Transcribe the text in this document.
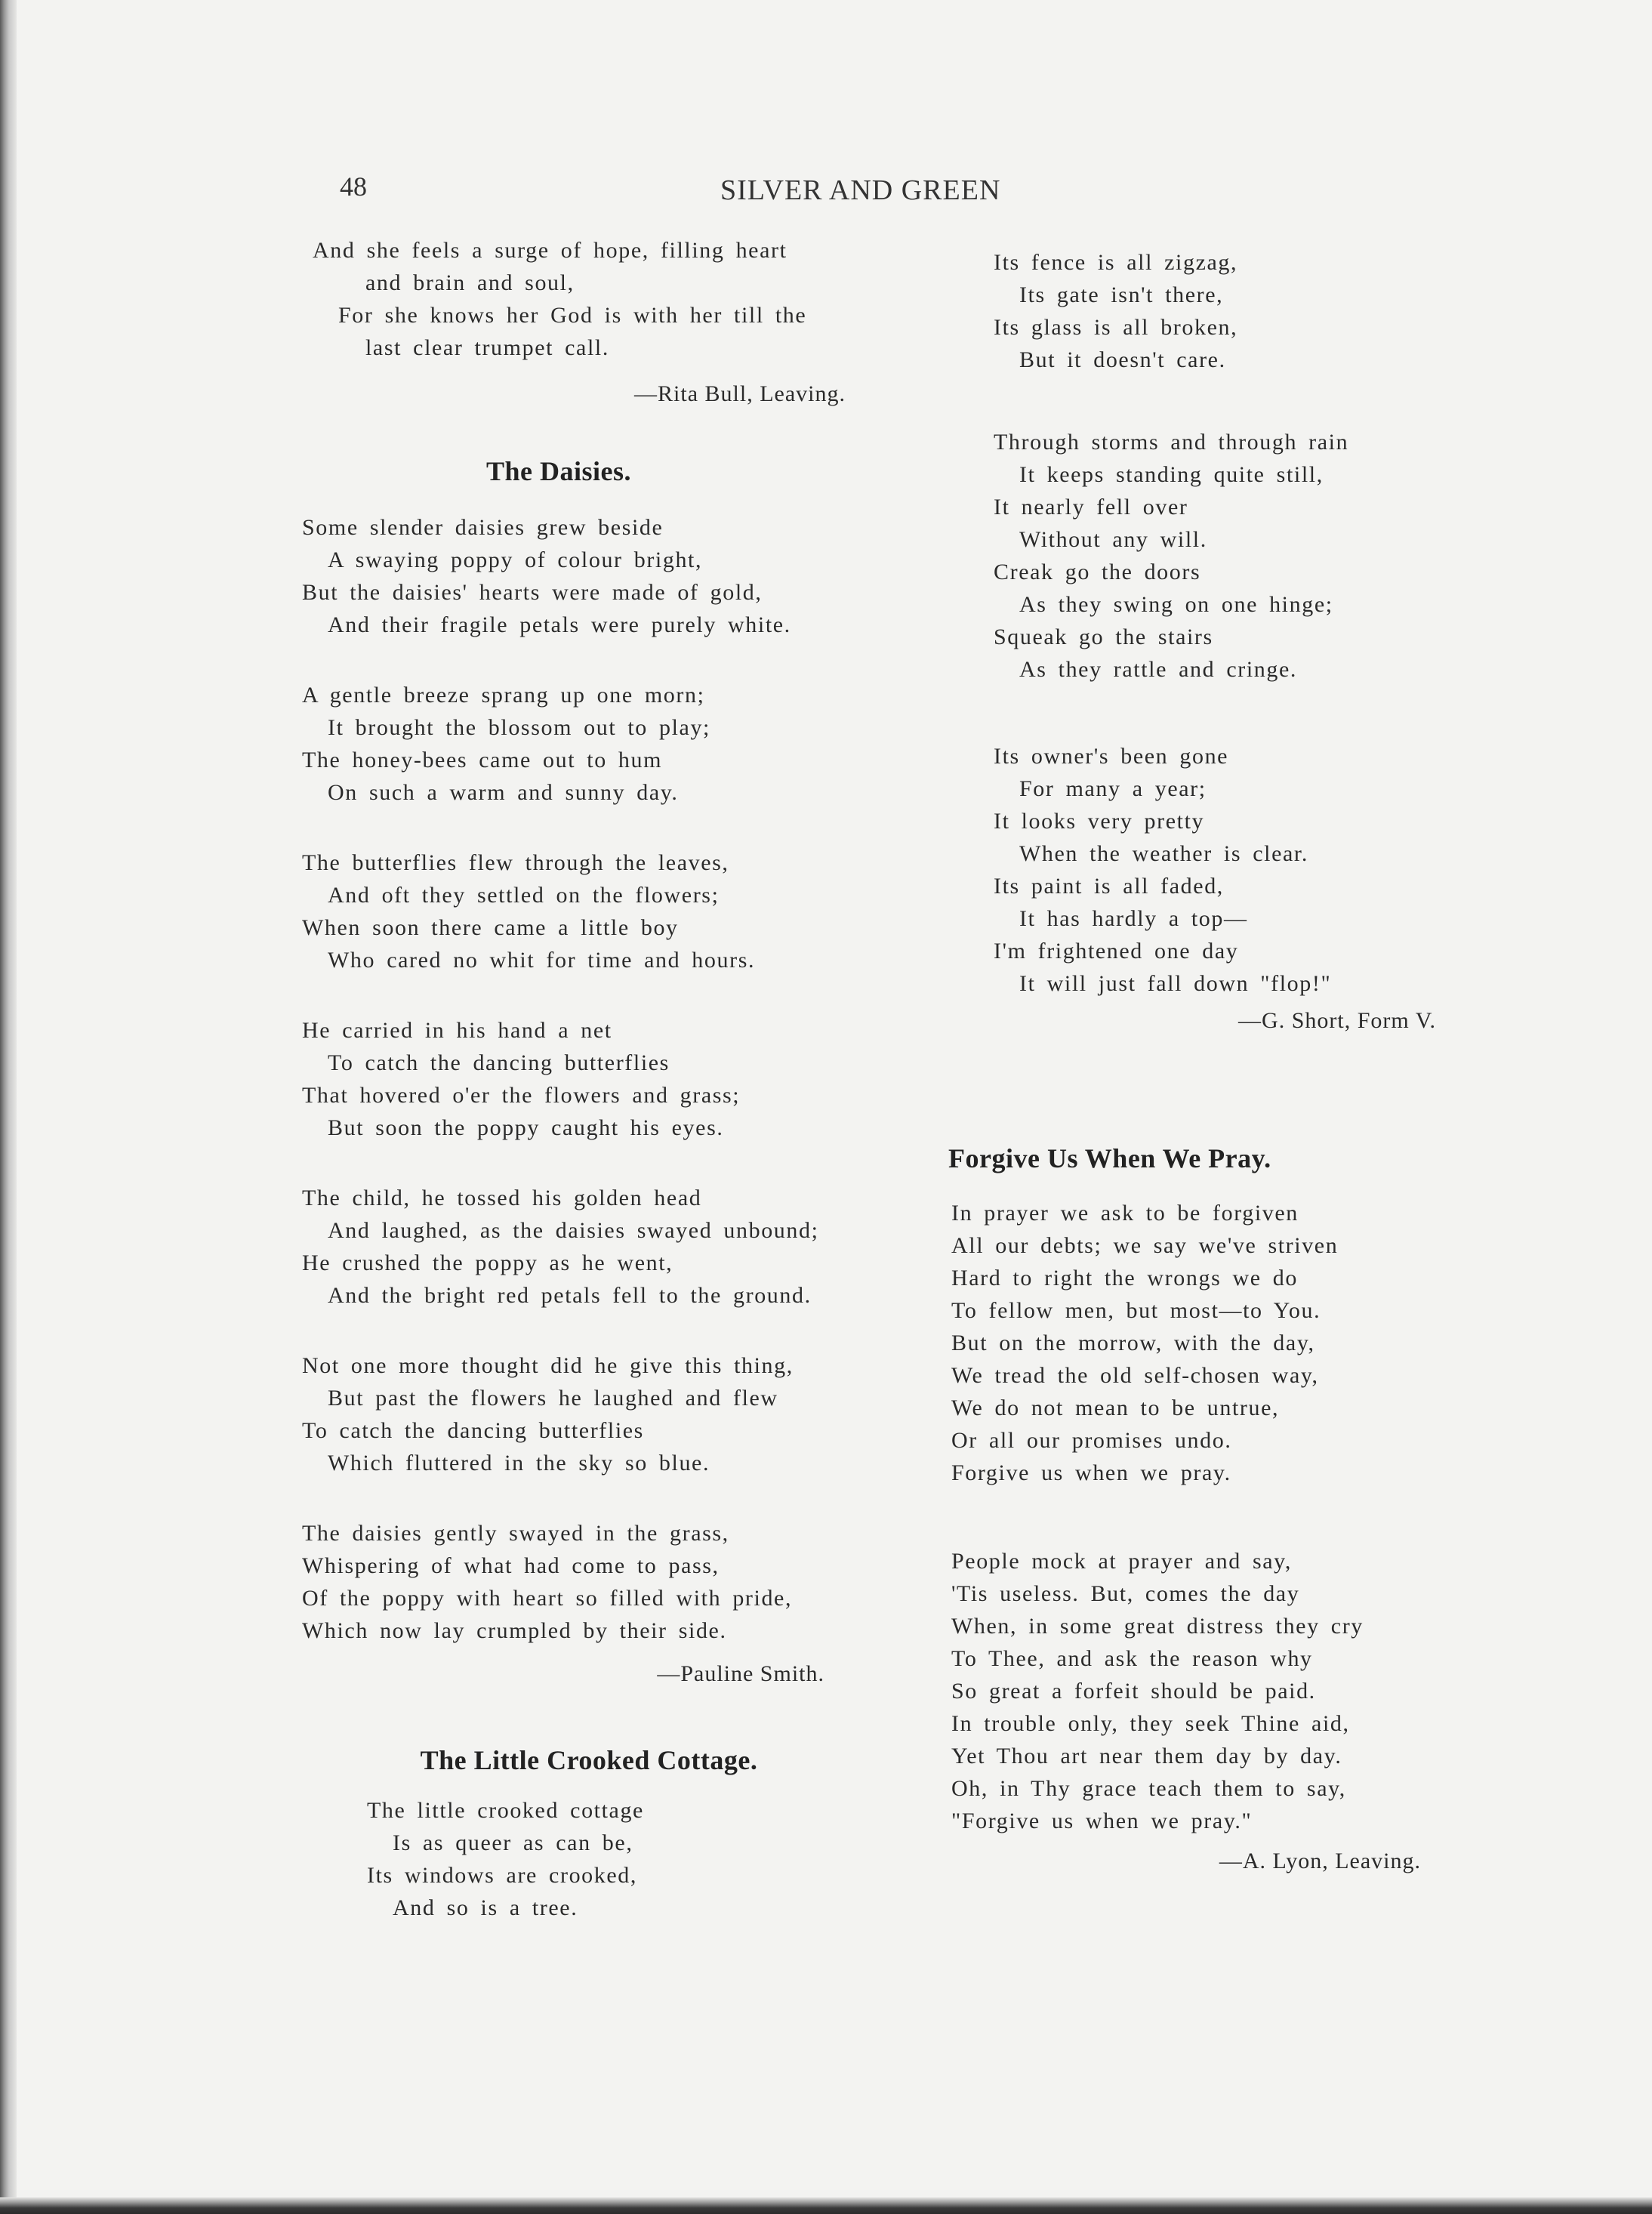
48	SILVER AND GREEN
And she feels a surge of hope, filling heart
and brain and soul,
For she knows her God is with her till the
last clear trumpet call.
—Rita Bull, Leaving.
The Daisies.
Some slender daisies grew beside
A swaying poppy of colour bright,
But the daisies' hearts were made of gold,
And their fragile petals were purely white.
A gentle breeze sprang up one morn;
It brought the blossom out to play;
The honey-bees came out to hum
On such a warm and sunny day.
The butterflies flew through the leaves,
And oft they settled on the flowers;
When soon there came a little boy
Who cared no whit for time and hours.
He carried in his hand a net
To catch the dancing butterflies
That hovered o'er the flowers and grass;
But soon the poppy caught his eyes.
The child, he tossed his golden head
And laughed, as the daisies swayed unbound;
He crushed the poppy as he went,
And the bright red petals fell to the ground.
Not one more thought did he give this thing,
But past the flowers he laughed and flew
To catch the dancing butterflies
Which fluttered in the sky so blue.
The daisies gently swayed in the grass,
Whispering of what had come to pass,
Of the poppy with heart so filled with pride,
Which now lay crumpled by their side.
—Pauline Smith.
The Little Crooked Cottage.
The little crooked cottage
Is as queer as can be,
Its windows are crooked,
And so is a tree.
Its fence is all zigzag,
Its gate isn't there,
Its glass is all broken,
But it doesn't care.
Through storms and through rain
It keeps standing quite still,
It nearly fell over
Without any will.
Creak go the doors
As they swing on one hinge;
Squeak go the stairs
As they rattle and cringe.
Its owner's been gone
For many a year;
It looks very pretty
When the weather is clear.
Its paint is all faded,
It has hardly a top—
I'm frightened one day
It will just fall down "flop!"
—G. Short, Form V.
Forgive Us When We Pray.
In prayer we ask to be forgiven
All our debts; we say we've striven
Hard to right the wrongs we do
To fellow men, but most—to You.
But on the morrow, with the day,
We tread the old self-chosen way,
We do not mean to be untrue,
Or all our promises undo.
Forgive us when we pray.
People mock at prayer and say,
'Tis useless. But, comes the day
When, in some great distress they cry
To Thee, and ask the reason why
So great a forfeit should be paid.
In trouble only, they seek Thine aid,
Yet Thou art near them day by day.
Oh, in Thy grace teach them to say,
"Forgive us when we pray."
—A. Lyon, Leaving.
